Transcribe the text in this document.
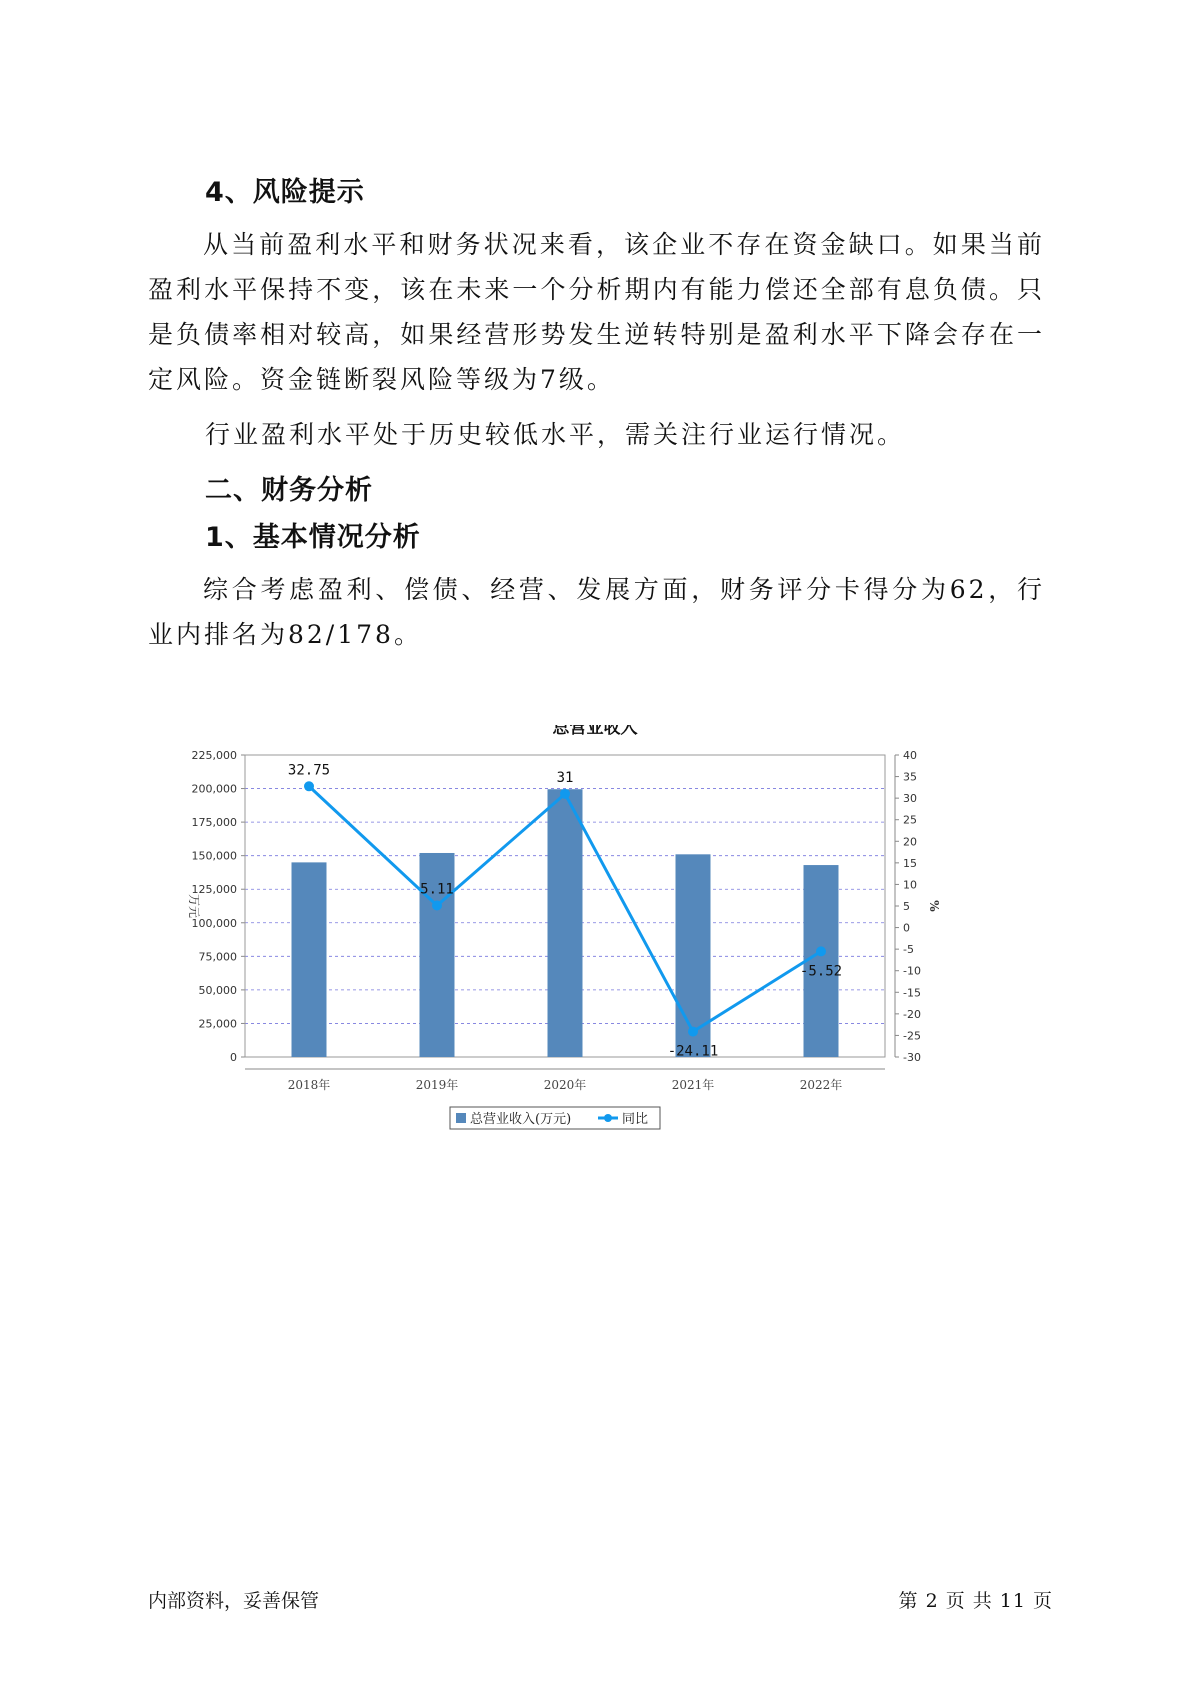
4、风险提示

从当前盈利水平和财务状况来看，该企业不存在资金缺口。如果当前盈利水平保持不变，该在未来一个分析期内有能力偿还全部有息负债。只是负债率相对较高，如果经营形势发生逆转特别是盈利水平下降会存在一定风险。资金链断裂风险等级为7级。

行业盈利水平处于历史较低水平，需关注行业运行情况。

二、财务分析
1、基本情况分析

综合考虑盈利、偿债、经营、发展方面，财务评分卡得分为62，行业内排名为82/178。

总营业收入
0
25,000
50,000
75,000
100,000
125,000
150,000
175,000
200,000
225,000
-30
-25
-20
-15
-10
-5
0
5
10
15
20
25
30
35
40
万元	%
2018年	2019年	2020年	2021年	2022年
32.75
5.11
31
-24.11
-5.52
总营业收入(万元)	同比
内部资料，妥善保管	第 2 页 共 11 页
